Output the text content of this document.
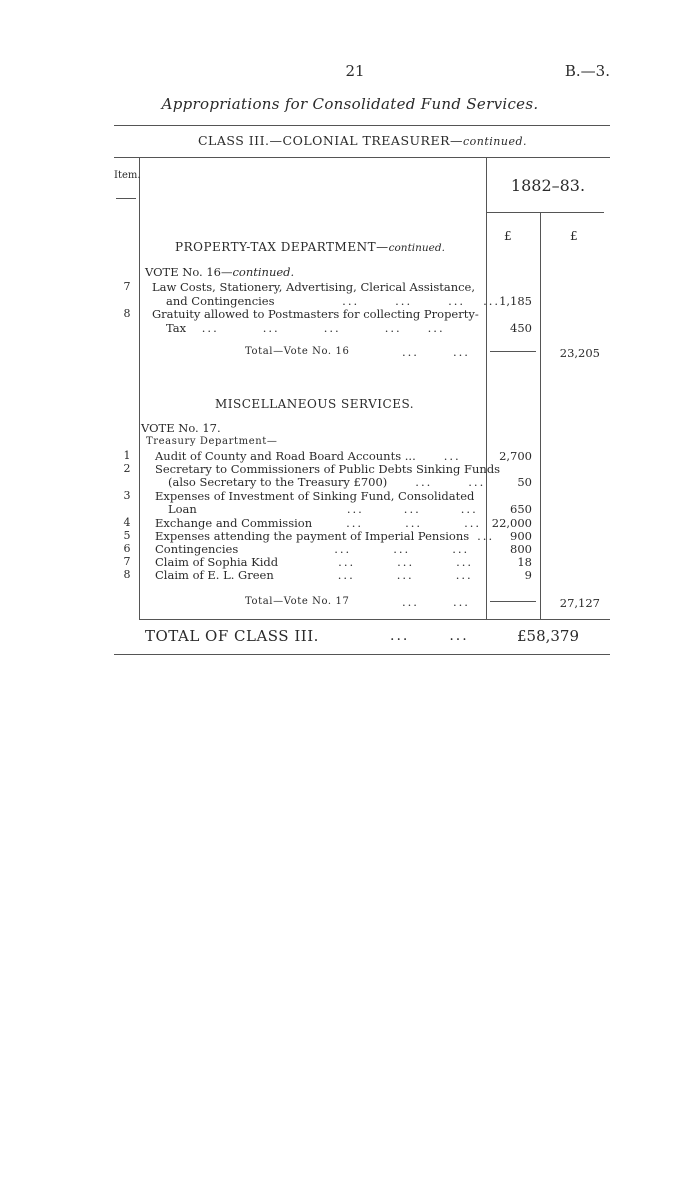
21	B.—3.
Appropriations for Consolidated Fund Services.
CLASS III.—COLONIAL TREASURER—continued.
Item.
1882–83.
£	£
PROPERTY-TAX DEPARTMENT—continued.
VOTE No. 16—continued.
7	Law Costs, Stationery, Advertising, Clerical Assistance,
and Contingencies	...	...	... ... 1,185
8	Gratuity allowed to Postmasters for collecting Property-
Tax ...	...	...	... ...	450
Total—Vote No. 16	...	...	23,205
MISCELLANEOUS SERVICES.
VOTE No. 17.
Treasury Department—
1	Audit of County and Road Board Accounts ... ...	2,700
2	Secretary to Commissioners of Public Debts Sinking Funds
(also Secretary to the Treasury £700) ...	...	50
3	Expenses of Investment of Sinking Fund, Consolidated
Loan	...	...	...	650
4	Exchange and Commission	...	...	... 22,000
5	Expenses attending the payment of Imperial Pensions ...	900
6	Contingencies	...	...	...	800
7	Claim of Sophia Kidd	...	...	...	18
8	Claim of E. L. Green	...	...	...	9
Total—Vote No. 17	...	...	27,127
TOTAL OF CLASS III.	...	...	£58,379
